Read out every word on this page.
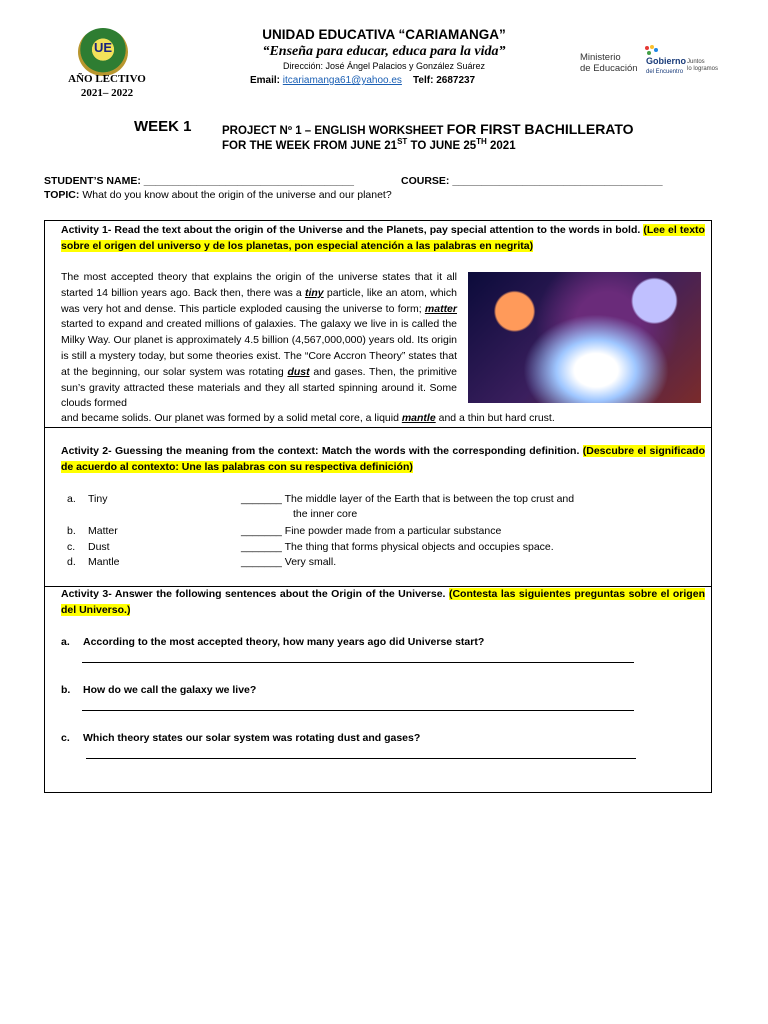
UE
AÑO LECTIVO
2021– 2022
UNIDAD EDUCATIVA “CARIAMANGA”
“Enseña para educar, educa para la vida”
Dirección: José Ángel Palacios y González Suárez
Email: itcariamanga61@yahoo.es Telf: 2687237
Ministerio
de Educación
Gobierno
del Encuentro
Juntos
lo logramos
WEEK 1	PROJECT Nº 1 – ENGLISH WORKSHEET FOR FIRST BACHILLERATO
FOR THE WEEK FROM JUNE 21ST TO JUNE 25TH 2021
STUDENT’S NAME: ____________________________________	COURSE: ____________________________________
TOPIC: What do you know about the origin of the universe and our planet?
Activity 1- Read the text about the origin of the Universe and the Planets, pay special attention to the words in bold. (Lee el texto sobre el origen del universo y de los planetas, pon especial atención a las palabras en negrita)
The most accepted theory that explains the origin of the universe states that it all started 14 billion years ago. Back then, there was a tiny particle, like an atom, which was very hot and dense. This particle exploded causing the universe to form; matter started to expand and created millions of galaxies. The galaxy we live in is called the Milky Way. Our planet is approximately 4.5 billion (4,567,000,000) years old. Its origin is still a mystery today, but some theories exist. The “Core Accron Theory” states that at the beginning, our solar system was rotating dust and gases. Then, the primitive sun’s gravity attracted these materials and they all started spinning around it. Some clouds formed
and became solids. Our planet was formed by a solid metal core, a liquid mantle and a thin but hard crust.
Activity 2- Guessing the meaning from the context: Match the words with the corresponding definition. (Descubre el significado de acuerdo al contexto: Une las palabras con su respectiva definición)
a. Tiny	_______ The middle layer of the Earth that is between the top crust and
the inner core
b. Matter	_______ Fine powder made from a particular substance
c. Dust	_______ The thing that forms physical objects and occupies space.
d. Mantle	_______ Very small.
Activity 3- Answer the following sentences about the Origin of the Universe. (Contesta las siguientes preguntas sobre el origen del Universo.)
a. According to the most accepted theory, how many years ago did Universe start?
b. How do we call the galaxy we live?
c. Which theory states our solar system was rotating dust and gases?
